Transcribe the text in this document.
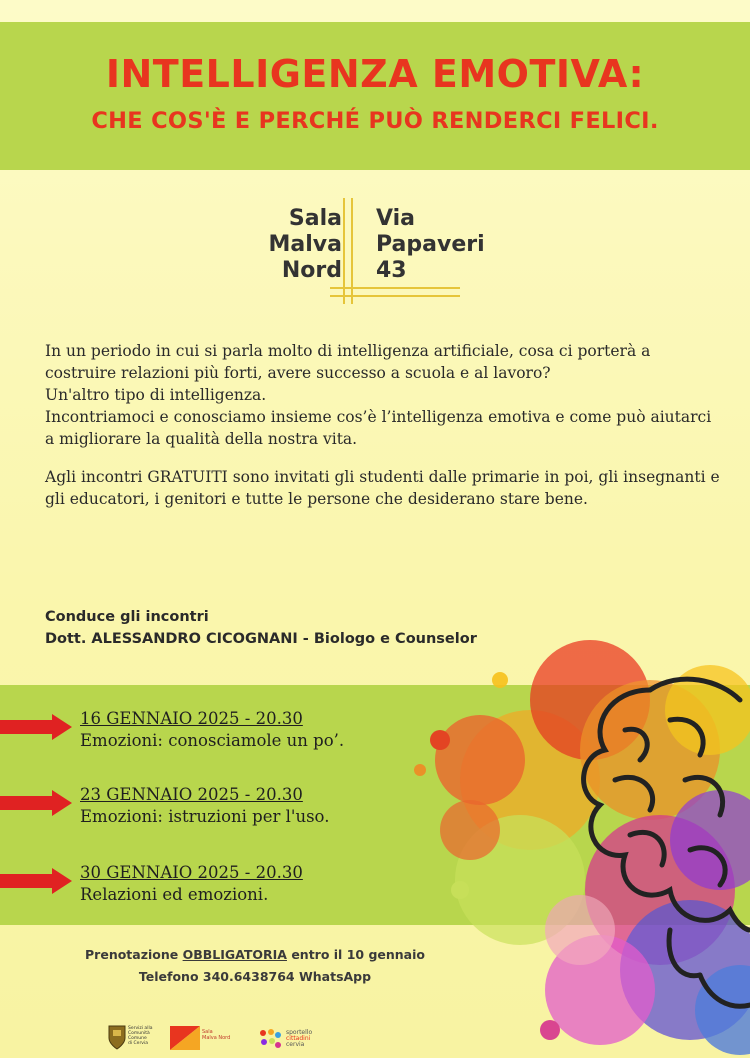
INTELLIGENZA EMOTIVA:
CHE COS'È E PERCHÉ PUÒ RENDERCI FELICI.
Sala
Malva
Nord
Via
Papaveri
43

In un periodo in cui si parla molto di intelligenza artificiale, cosa ci porterà a costruire relazioni più forti, avere successo a scuola e al lavoro?

Un'altro tipo di intelligenza.

Incontriamoci e conosciamo insieme cos’è l’intelligenza emotiva e come può aiutarci a migliorare la qualità della nostra vita.

Agli incontri GRATUITI sono invitati gli studenti dalle primarie in poi, gli insegnanti e gli educatori, i genitori e tutte le persone che desiderano stare bene.

Conduce gli incontri
Dott. ALESSANDRO CICOGNANI - Biologo e Counselor
16 GENNAIO 2025 - 20.30
Emozioni: conosciamole un po’.
23 GENNAIO 2025 - 20.30
Emozioni: istruzioni per l'uso.
30 GENNAIO 2025 - 20.30
Relazioni ed emozioni.
Prenotazione OBBLIGATORIA entro il 10 gennaio
Telefono 340.6438764 WhatsApp
Servizi alla
Comunità
Comune
di Cervia
Sala
Malva Nord
sportello
cittadini
cervia
